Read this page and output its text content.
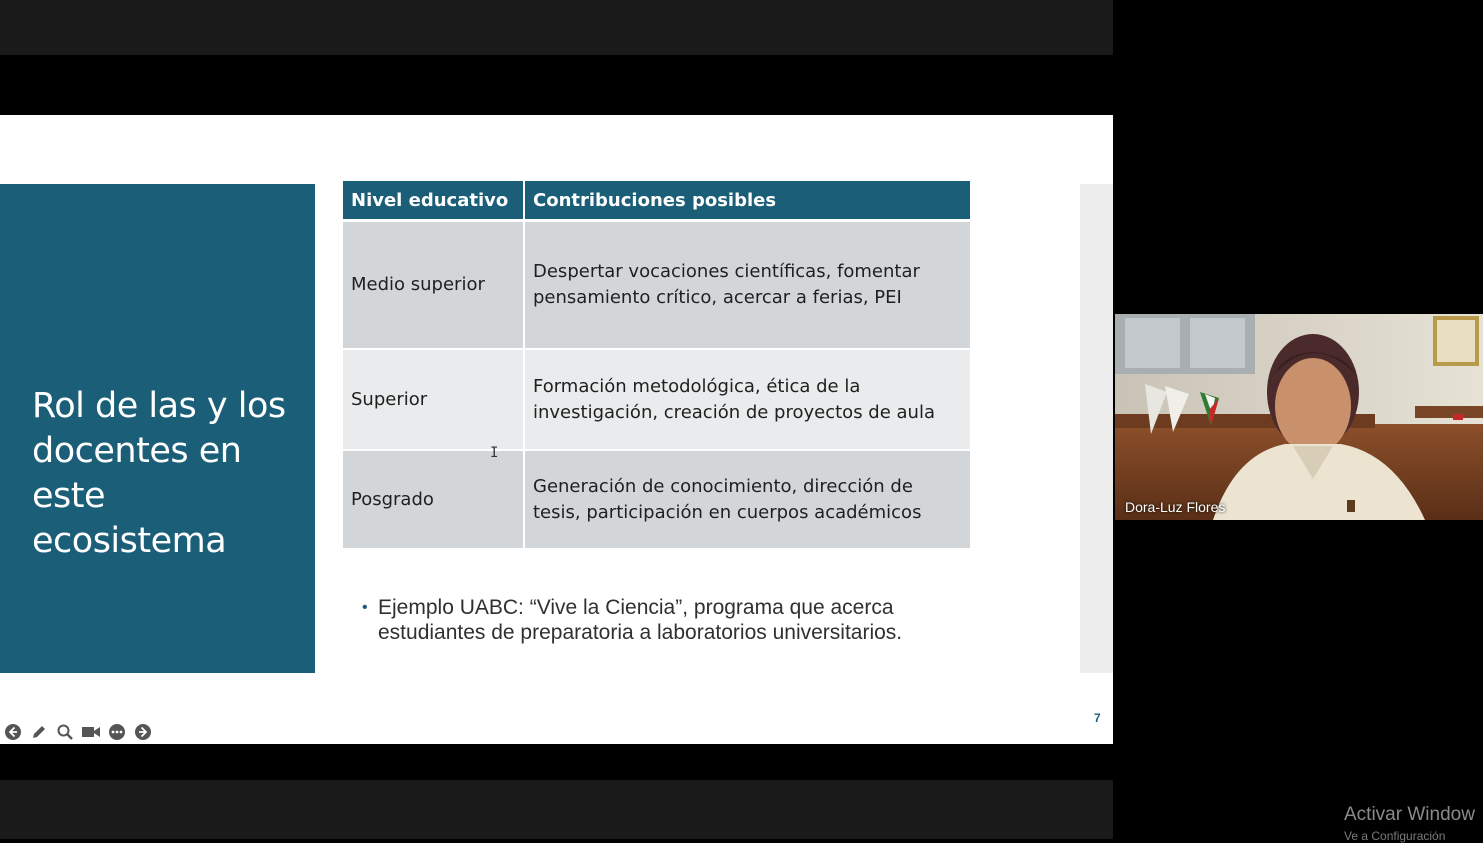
Rol de las y los docentes en este ecosistema
Nivel educativo	Contribuciones posibles
Medio superior	Despertar vocaciones científicas, fomentar pensamiento crítico, acercar a ferias, PEI
Superior	Formación metodológica, ética de la investigación, creación de proyectos de aula
Posgrado	Generación de conocimiento, dirección de tesis, participación en cuerpos académicos
• Ejemplo UABC: “Vive la Ciencia”, programa que acerca estudiantes de preparatoria a laboratorios universitarios.
I
7
Dora-Luz Flores
Activar Window
Ve a Configuración
